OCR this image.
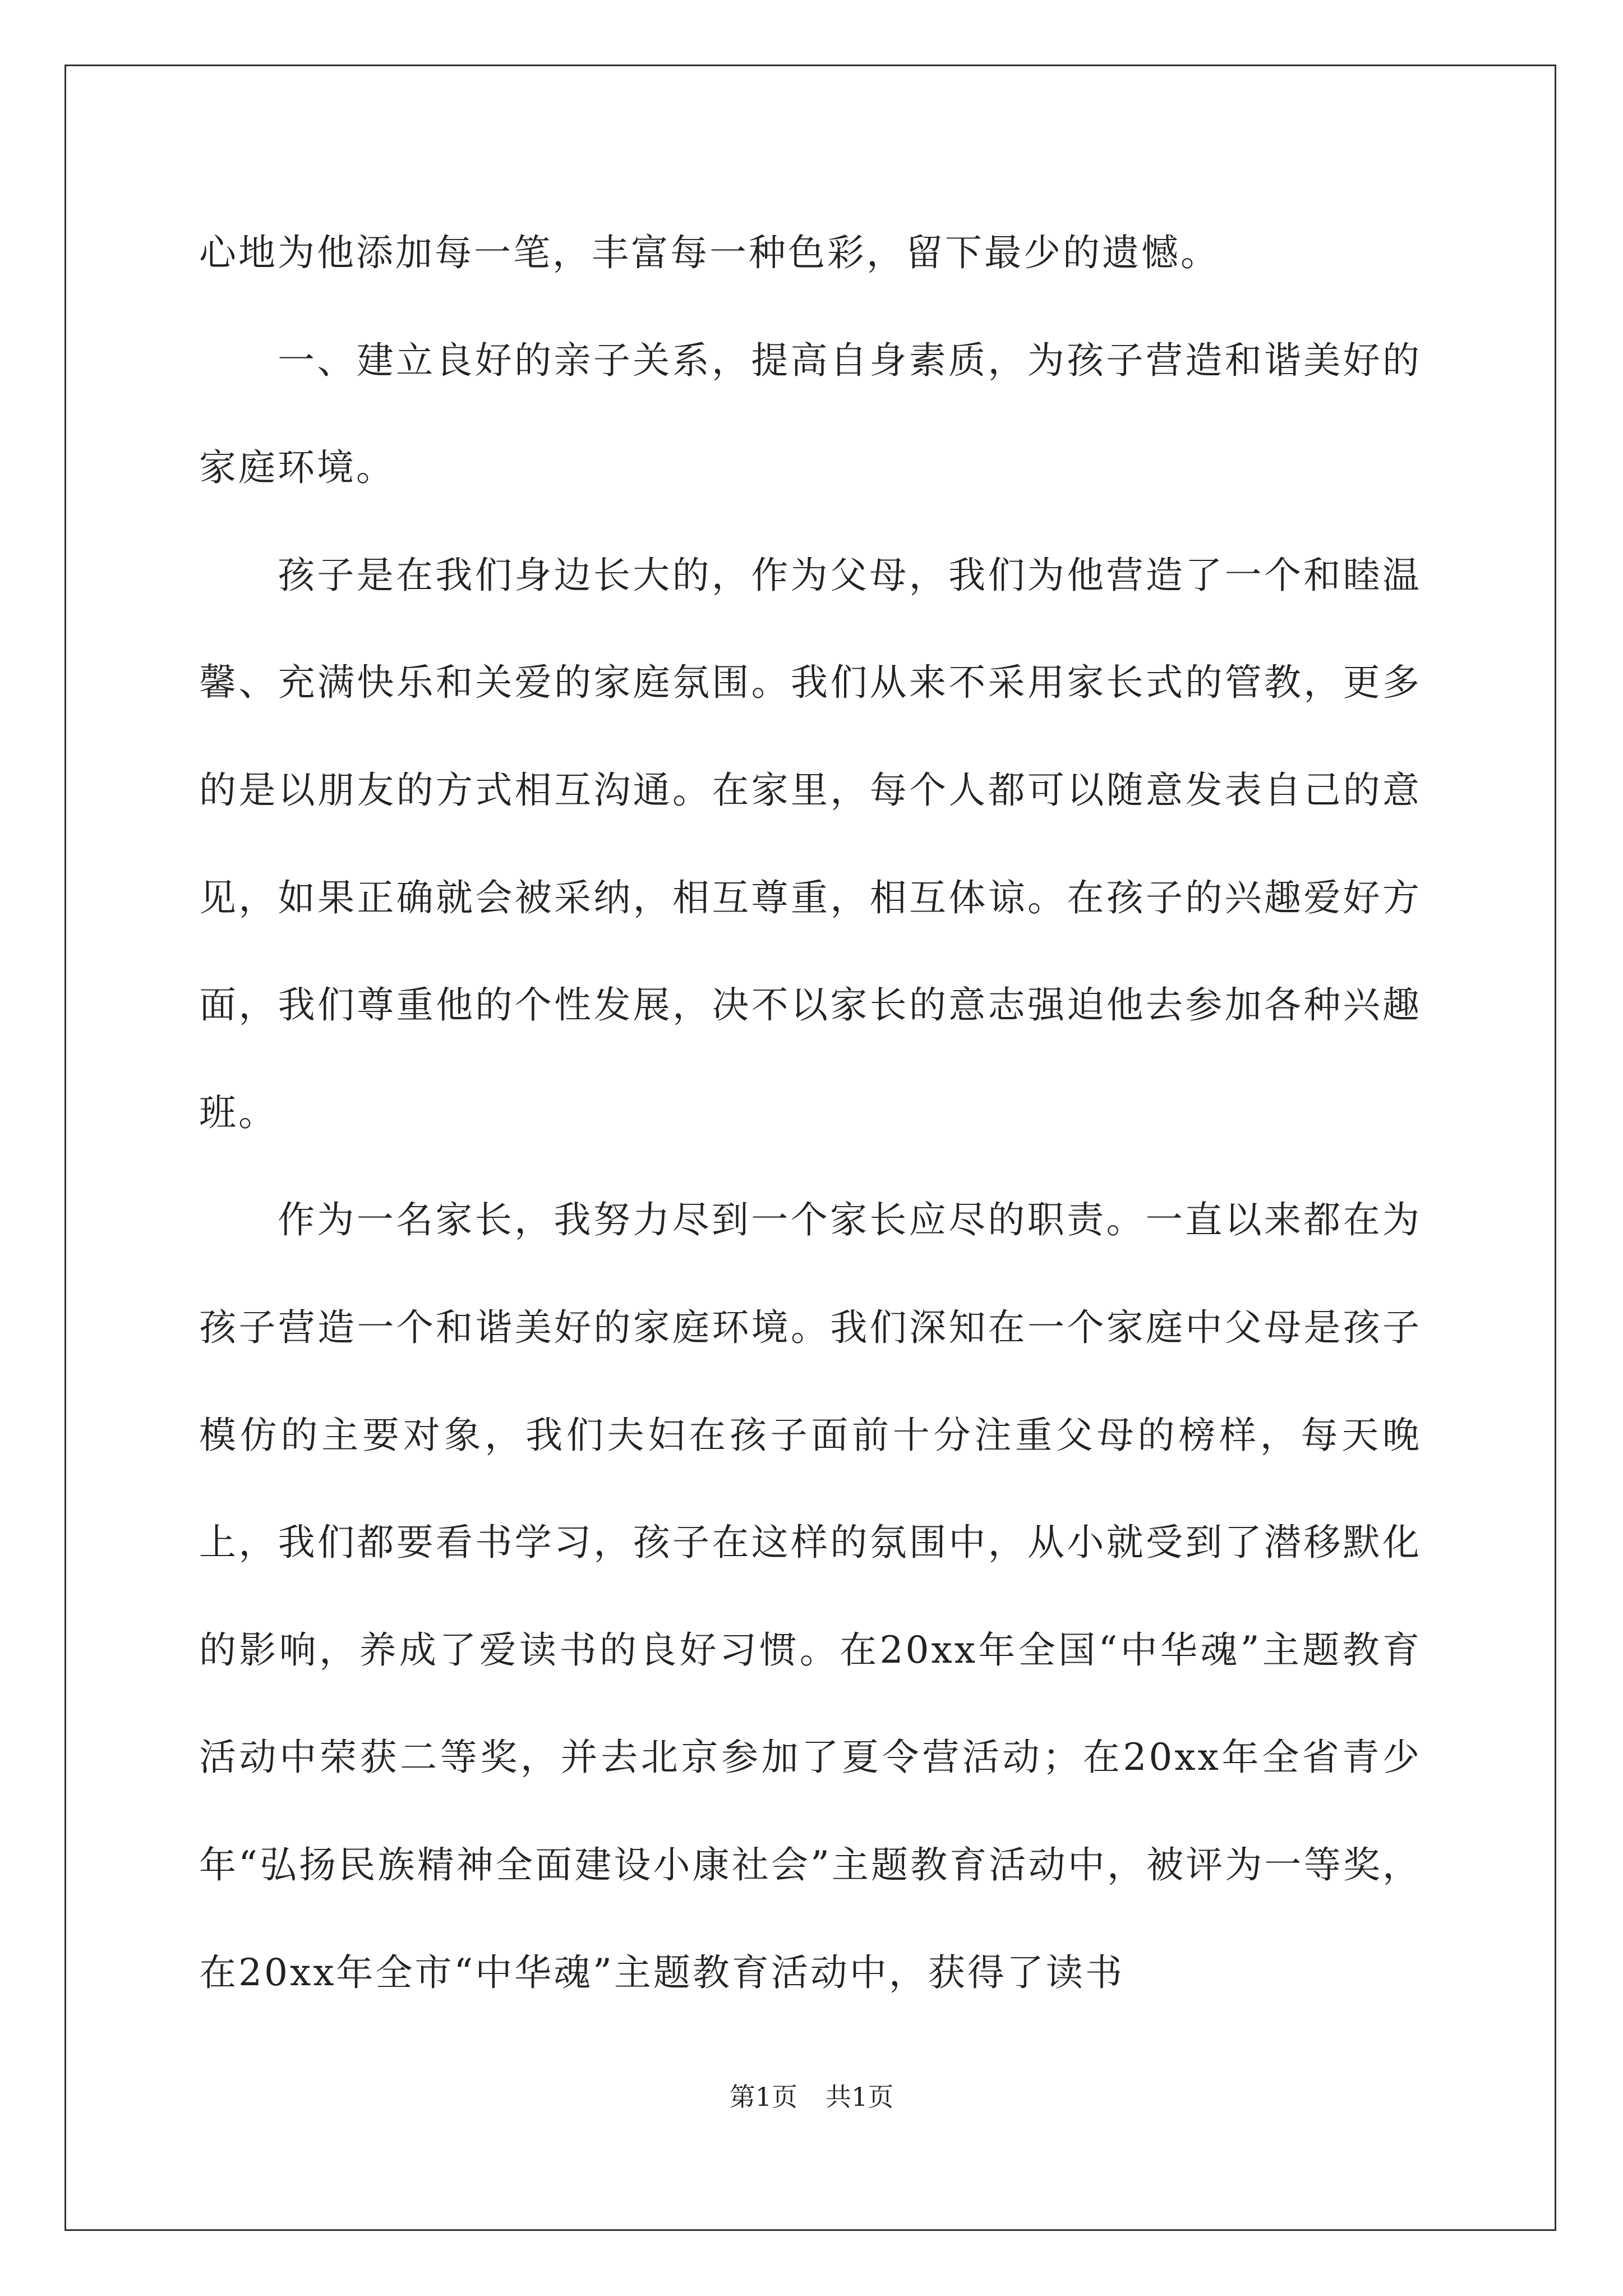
心地为他添加每一笔，丰富每一种色彩，留下最少的遗憾。

一、建立良好的亲子关系，提高自身素质，为孩子营造和谐美好的家庭环境。

孩子是在我们身边长大的，作为父母，我们为他营造了一个和睦温馨、充满快乐和关爱的家庭氛围。我们从来不采用家长式的管教，更多的是以朋友的方式相互沟通。在家里，每个人都可以随意发表自己的意见，如果正确就会被采纳，相互尊重，相互体谅。在孩子的兴趣爱好方面，我们尊重他的个性发展，决不以家长的意志强迫他去参加各种兴趣班。

作为一名家长，我努力尽到一个家长应尽的职责。一直以来都在为孩子营造一个和谐美好的家庭环境。我们深知在一个家庭中父母是孩子模仿的主要对象，我们夫妇在孩子面前十分注重父母的榜样，每天晚上，我们都要看书学习，孩子在这样的氛围中，从小就受到了潜移默化的影响，养成了爱读书的良好习惯。在20xx年全国“中华魂”主题教育活动中荣获二等奖，并去北京参加了夏令营活动；在20xx年全省青少年“弘扬民族精神全面建设小康社会”主题教育活动中，被评为一等奖，在20xx年全市“中华魂”主题教育活动中，获得了读书

第1页 共1页
